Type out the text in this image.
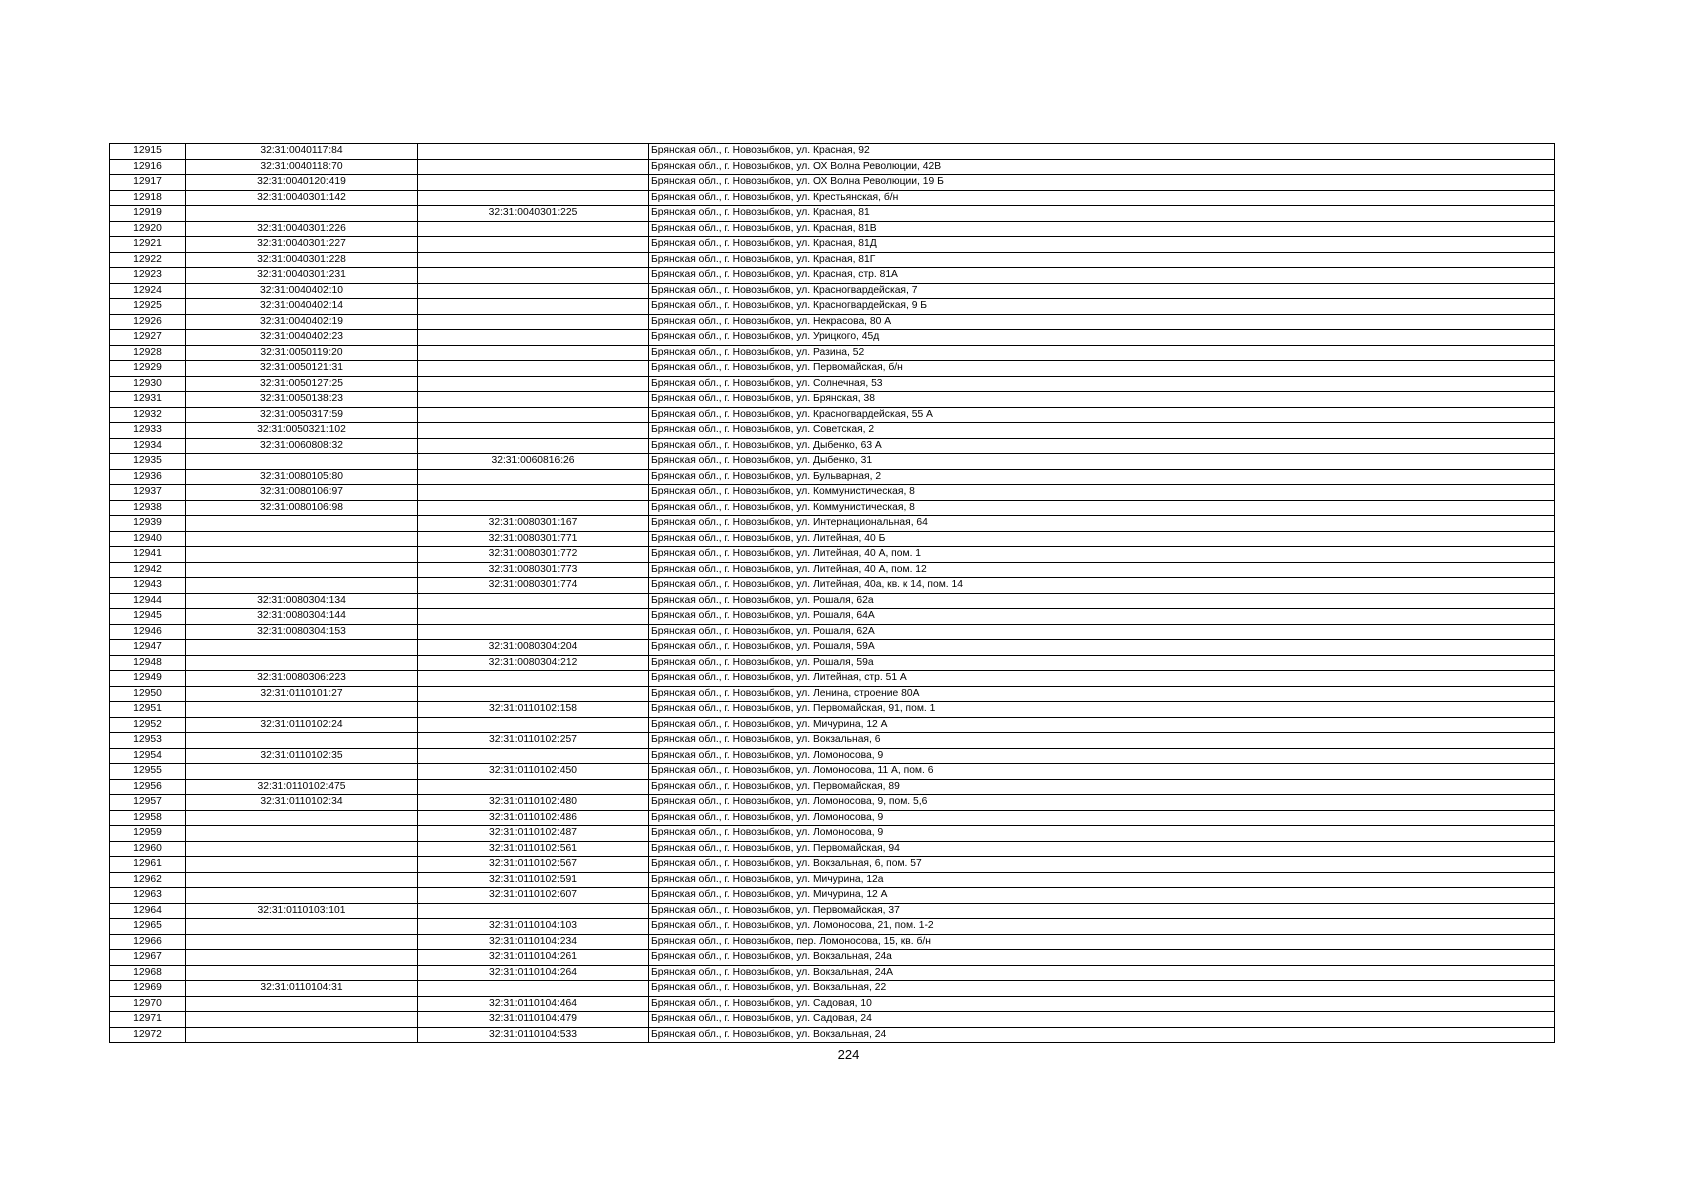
12915	32:31:0040117:84		Брянская обл., г. Новозыбков, ул. Красная, 92
12916	32:31:0040118:70		Брянская обл., г. Новозыбков, ул. ОХ Волна Революции, 42В
12917	32:31:0040120:419		Брянская обл., г. Новозыбков, ул. ОХ Волна Революции, 19 Б
12918	32:31:0040301:142		Брянская обл., г. Новозыбков, ул. Крестьянская, б/н
12919		32:31:0040301:225	Брянская обл., г. Новозыбков, ул. Красная, 81
12920	32:31:0040301:226		Брянская обл., г. Новозыбков, ул. Красная, 81В
12921	32:31:0040301:227		Брянская обл., г. Новозыбков, ул. Красная, 81Д
12922	32:31:0040301:228		Брянская обл., г. Новозыбков, ул. Красная, 81Г
12923	32:31:0040301:231		Брянская обл., г. Новозыбков, ул. Красная, стр. 81А
12924	32:31:0040402:10		Брянская обл., г. Новозыбков, ул. Красногвардейская, 7
12925	32:31:0040402:14		Брянская обл., г. Новозыбков, ул. Красногвардейская, 9 Б
12926	32:31:0040402:19		Брянская обл., г. Новозыбков, ул. Некрасова, 80 А
12927	32:31:0040402:23		Брянская обл., г. Новозыбков, ул. Урицкого, 45д
12928	32:31:0050119:20		Брянская обл., г. Новозыбков, ул. Разина, 52
12929	32:31:0050121:31		Брянская обл., г. Новозыбков, ул. Первомайская, б/н
12930	32:31:0050127:25		Брянская обл., г. Новозыбков, ул. Солнечная, 53
12931	32:31:0050138:23		Брянская обл., г. Новозыбков, ул. Брянская, 38
12932	32:31:0050317:59		Брянская обл., г. Новозыбков, ул. Красногвардейская, 55 А
12933	32:31:0050321:102		Брянская обл., г. Новозыбков, ул. Советская, 2
12934	32:31:0060808:32		Брянская обл., г. Новозыбков, ул. Дыбенко, 63 А
12935		32:31:0060816:26	Брянская обл., г. Новозыбков, ул. Дыбенко, 31
12936	32:31:0080105:80		Брянская обл., г. Новозыбков, ул. Бульварная, 2
12937	32:31:0080106:97		Брянская обл., г. Новозыбков, ул. Коммунистическая, 8
12938	32:31:0080106:98		Брянская обл., г. Новозыбков, ул. Коммунистическая, 8
12939		32:31:0080301:167	Брянская обл., г. Новозыбков, ул. Интернациональная, 64
12940		32:31:0080301:771	Брянская обл., г. Новозыбков, ул. Литейная, 40 Б
12941		32:31:0080301:772	Брянская обл., г. Новозыбков, ул. Литейная, 40 А, пом. 1
12942		32:31:0080301:773	Брянская обл., г. Новозыбков, ул. Литейная, 40 А, пом. 12
12943		32:31:0080301:774	Брянская обл., г. Новозыбков, ул. Литейная, 40а, кв. к 14, пом. 14
12944	32:31:0080304:134		Брянская обл., г. Новозыбков, ул. Рошаля, 62а
12945	32:31:0080304:144		Брянская обл., г. Новозыбков, ул. Рошаля, 64А
12946	32:31:0080304:153		Брянская обл., г. Новозыбков, ул. Рошаля, 62А
12947		32:31:0080304:204	Брянская обл., г. Новозыбков, ул. Рошаля, 59А
12948		32:31:0080304:212	Брянская обл., г. Новозыбков, ул. Рошаля, 59а
12949	32:31:0080306:223		Брянская обл., г. Новозыбков, ул. Литейная, стр. 51 А
12950	32:31:0110101:27		Брянская обл., г. Новозыбков, ул. Ленина, строение 80А
12951		32:31:0110102:158	Брянская обл., г. Новозыбков, ул. Первомайская, 91, пом. 1
12952	32:31:0110102:24		Брянская обл., г. Новозыбков, ул. Мичурина, 12 А
12953		32:31:0110102:257	Брянская обл., г. Новозыбков, ул. Вокзальная, 6
12954	32:31:0110102:35		Брянская обл., г. Новозыбков, ул. Ломоносова, 9
12955		32:31:0110102:450	Брянская обл., г. Новозыбков, ул. Ломоносова, 11 А, пом. 6
12956	32:31:0110102:475		Брянская обл., г. Новозыбков, ул. Первомайская, 89
12957	32:31:0110102:34	32:31:0110102:480	Брянская обл., г. Новозыбков, ул. Ломоносова, 9, пом. 5,6
12958		32:31:0110102:486	Брянская обл., г. Новозыбков, ул. Ломоносова, 9
12959		32:31:0110102:487	Брянская обл., г. Новозыбков, ул. Ломоносова, 9
12960		32:31:0110102:561	Брянская обл., г. Новозыбков, ул. Первомайская, 94
12961		32:31:0110102:567	Брянская обл., г. Новозыбков, ул. Вокзальная, 6, пом. 57
12962		32:31:0110102:591	Брянская обл., г. Новозыбков, ул. Мичурина, 12а
12963		32:31:0110102:607	Брянская обл., г. Новозыбков, ул. Мичурина, 12 А
12964	32:31:0110103:101		Брянская обл., г. Новозыбков, ул. Первомайская, 37
12965		32:31:0110104:103	Брянская обл., г. Новозыбков, ул. Ломоносова, 21, пом. 1-2
12966		32:31:0110104:234	Брянская обл., г. Новозыбков, пер. Ломоносова, 15, кв. б/н
12967		32:31:0110104:261	Брянская обл., г. Новозыбков, ул. Вокзальная, 24а
12968		32:31:0110104:264	Брянская обл., г. Новозыбков, ул. Вокзальная, 24А
12969	32:31:0110104:31		Брянская обл., г. Новозыбков, ул. Вокзальная, 22
12970		32:31:0110104:464	Брянская обл., г. Новозыбков, ул. Садовая, 10
12971		32:31:0110104:479	Брянская обл., г. Новозыбков, ул. Садовая, 24
12972		32:31:0110104:533	Брянская обл., г. Новозыбков, ул. Вокзальная, 24
224
